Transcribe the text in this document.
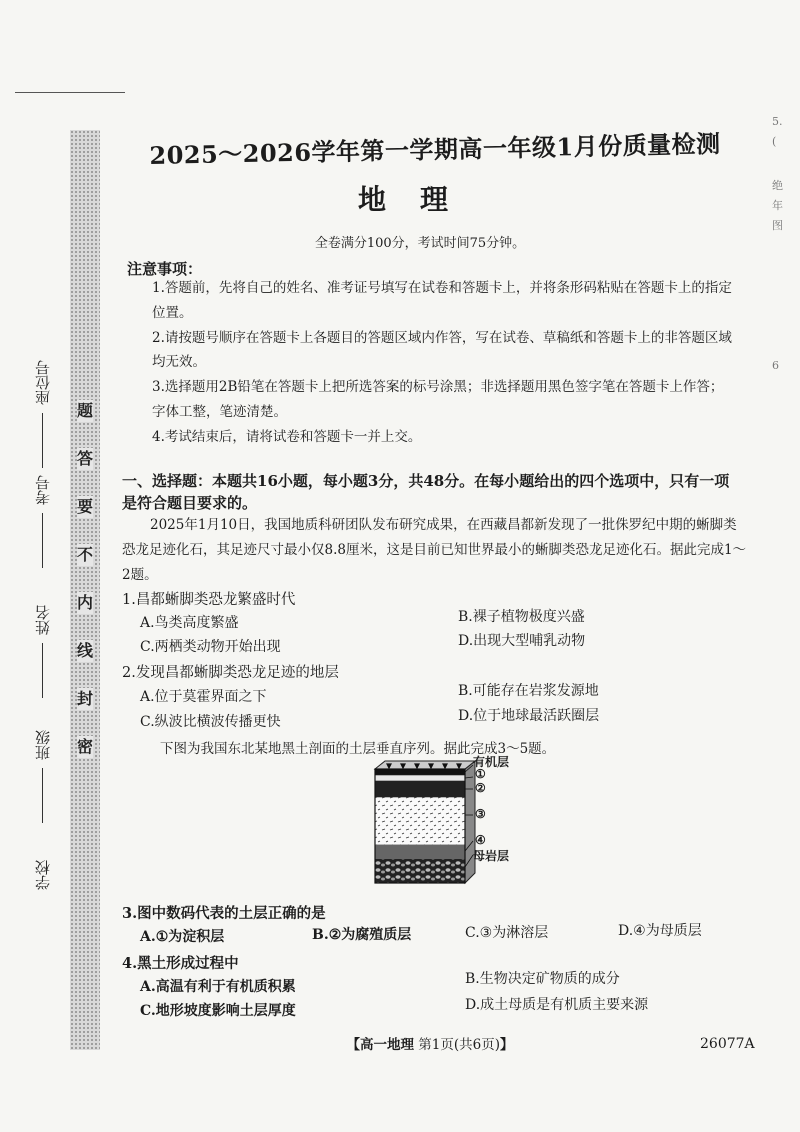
5.
(
绝
年
图
6
题
答
要
不
内
线
封
密
座位号
考号
姓名
班级
学校
2025～2026学年第一学期高一年级1月份质量检测
地理
全卷满分100分，考试时间75分钟。
注意事项：
1.答题前，先将自己的姓名、准考证号填写在试卷和答题卡上，并将条形码粘贴在答题卡上的指定位置。
2.请按题号顺序在答题卡上各题目的答题区域内作答，写在试卷、草稿纸和答题卡上的非答题区域均无效。
3.选择题用2B铅笔在答题卡上把所选答案的标号涂黑；非选择题用黑色签字笔在答题卡上作答；字体工整，笔迹清楚。
4.考试结束后，请将试卷和答题卡一并上交。
一、选择题：本题共16小题，每小题3分，共48分。在每小题给出的四个选项中，只有一项是符合题目要求的。
2025年1月10日，我国地质科研团队发布研究成果，在西藏昌都新发现了一批侏罗纪中期的蜥脚类恐龙足迹化石，其足迹尺寸最小仅8.8厘米，这是目前已知世界最小的蜥脚类恐龙足迹化石。据此完成1～2题。
1.昌都蜥脚类恐龙繁盛时代
A.鸟类高度繁盛	B.裸子植物极度兴盛
C.两栖类动物开始出现	D.出现大型哺乳动物
2.发现昌都蜥脚类恐龙足迹的地层
A.位于莫霍界面之下	B.可能存在岩浆发源地
C.纵波比横波传播更快	D.位于地球最活跃圈层
下图为我国东北某地黑土剖面的土层垂直序列。据此完成3～5题。
有机层
①
②
③
④
母岩层
3.图中数码代表的土层正确的是
A.①为淀积层	B.②为腐殖质层	C.③为淋溶层	D.④为母质层
4.黑土形成过程中
A.高温有利于有机质积累	B.生物决定矿物质的成分
C.地形坡度影响土层厚度	D.成土母质是有机质主要来源
【高一地理 第1页(共6页)】	26077A
